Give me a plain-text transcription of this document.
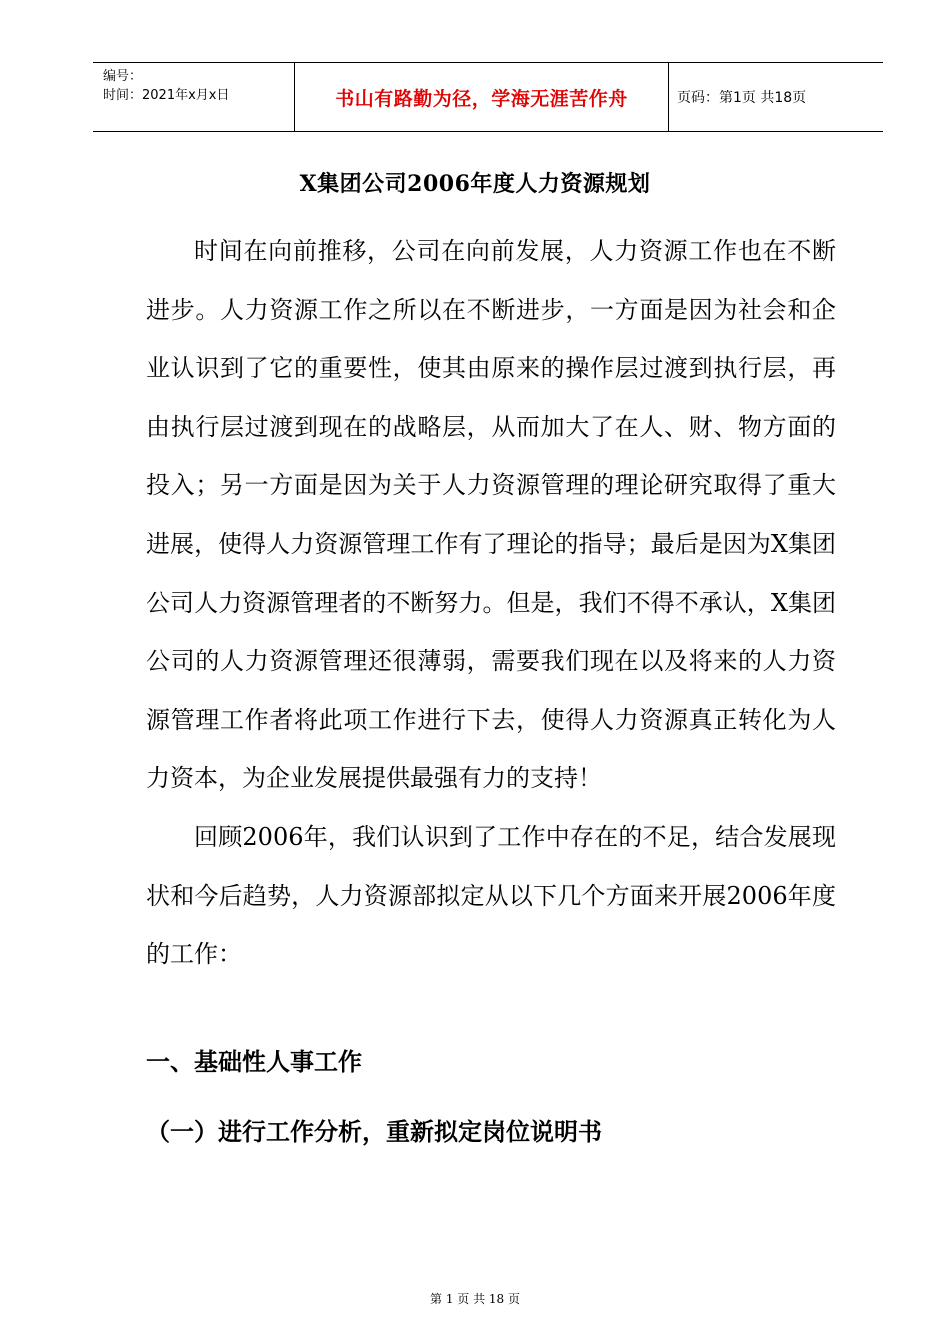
编号：
时间：2021年x月x日	书山有路勤为径，学海无涯苦作舟	页码：第1页 共18页
X集团公司2006年度人力资源规划

时间在向前推移，公司在向前发展，人力资源工作也在不断进步。人力资源工作之所以在不断进步，一方面是因为社会和企业认识到了它的重要性，使其由原来的操作层过渡到执行层，再由执行层过渡到现在的战略层，从而加大了在人、财、物方面的投入；另一方面是因为关于人力资源管理的理论研究取得了重大进展，使得人力资源管理工作有了理论的指导；最后是因为X集团公司人力资源管理者的不断努力。但是，我们不得不承认，X集团公司的人力资源管理还很薄弱，需要我们现在以及将来的人力资源管理工作者将此项工作进行下去，使得人力资源真正转化为人力资本，为企业发展提供最强有力的支持！

回顾2006年，我们认识到了工作中存在的不足，结合发展现状和今后趋势，人力资源部拟定从以下几个方面来开展2006年度的工作：

一、基础性人事工作
（一）进行工作分析，重新拟定岗位说明书
第 1 页 共 18 页
